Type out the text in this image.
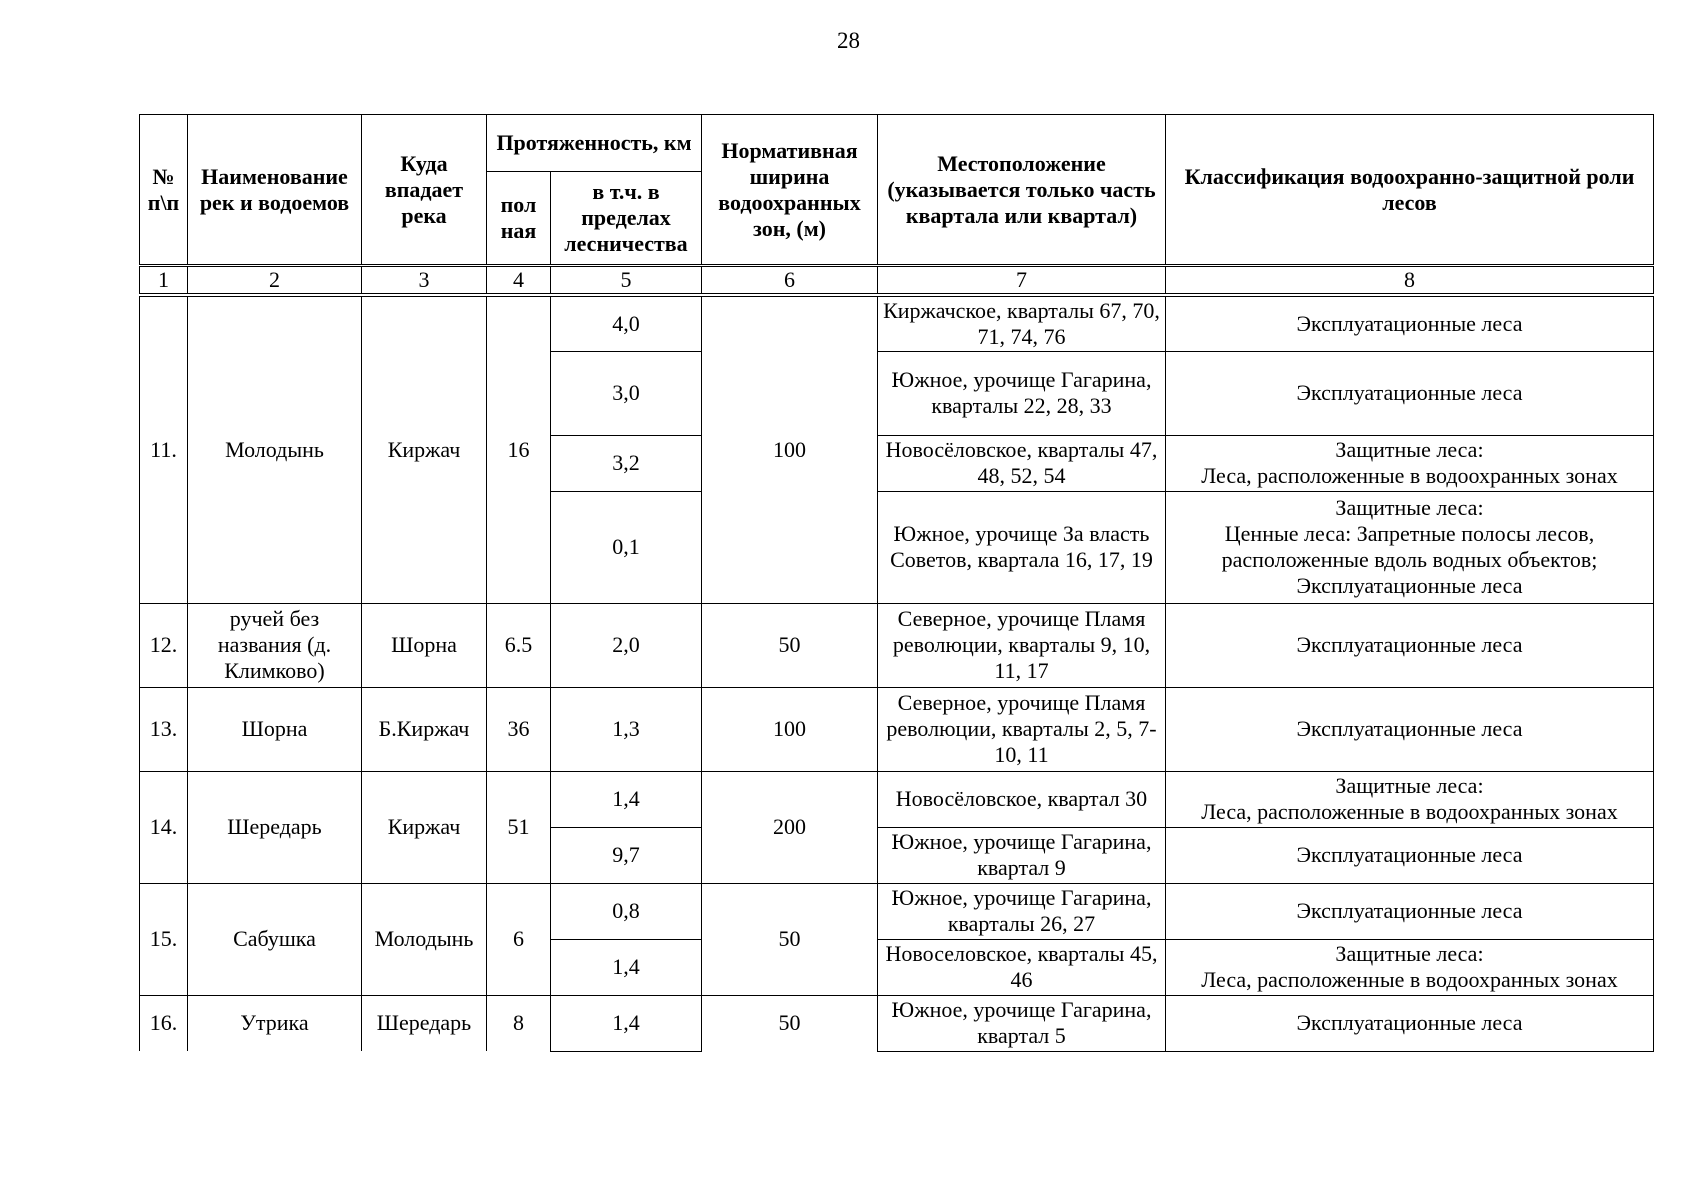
28
№ п\п	Наименование рек и водоемов	Куда впадает река	Протяженность, км		Нормативная ширина водоохранных зон, (м)	Местоположение (указывается только часть квартала или квартал)	Классификация водоохранно-защитной роли лесов
			пол ная	в т.ч. в пределах лесничества			
1	2	3	4	5	6	7	8
11.	Молодынь	Киржач	16	4,0	100	Киржачское, кварталы 67, 70, 71, 74, 76	Эксплуатационные леса

				3,0		Южное, урочище Гагарина, кварталы 22, 28, 33	Эксплуатационные леса

				3,2		Новосёловское, кварталы 47, 48, 52, 54	Защитные леса:
Леса, расположенные в водоохранных зонах

				0,1		Южное, урочище За власть Советов, квартала 16, 17, 19	Защитные леса:
Ценные леса: Запретные полосы лесов,
расположенные вдоль водных объектов;
Эксплуатационные леса

12.	ручей без названия (д. Климково)	Шорна	6.5	2,0	50	Северное, урочище Пламя революции, кварталы 9, 10, 11, 17	Эксплуатационные леса

13.	Шорна	Б.Киржач	36	1,3	100	Северное, урочище Пламя революции, кварталы 2, 5, 7-10, 11	Эксплуатационные леса

14.	Шередарь	Киржач	51	1,4	200	Новосёловское, квартал 30	Защитные леса:
Леса, расположенные в водоохранных зонах

				9,7		Южное, урочище Гагарина, квартал 9	Эксплуатационные леса

15.	Сабушка	Молодынь	6	0,8	50	Южное, урочище Гагарина, кварталы 26, 27	Эксплуатационные леса

				1,4		Новоселовское, кварталы 45, 46	Защитные леса:
Леса, расположенные в водоохранных зонах

16.	Утрика	Шередарь	8	1,4	50	Южное, урочище Гагарина, квартал 5	Эксплуатационные леса
